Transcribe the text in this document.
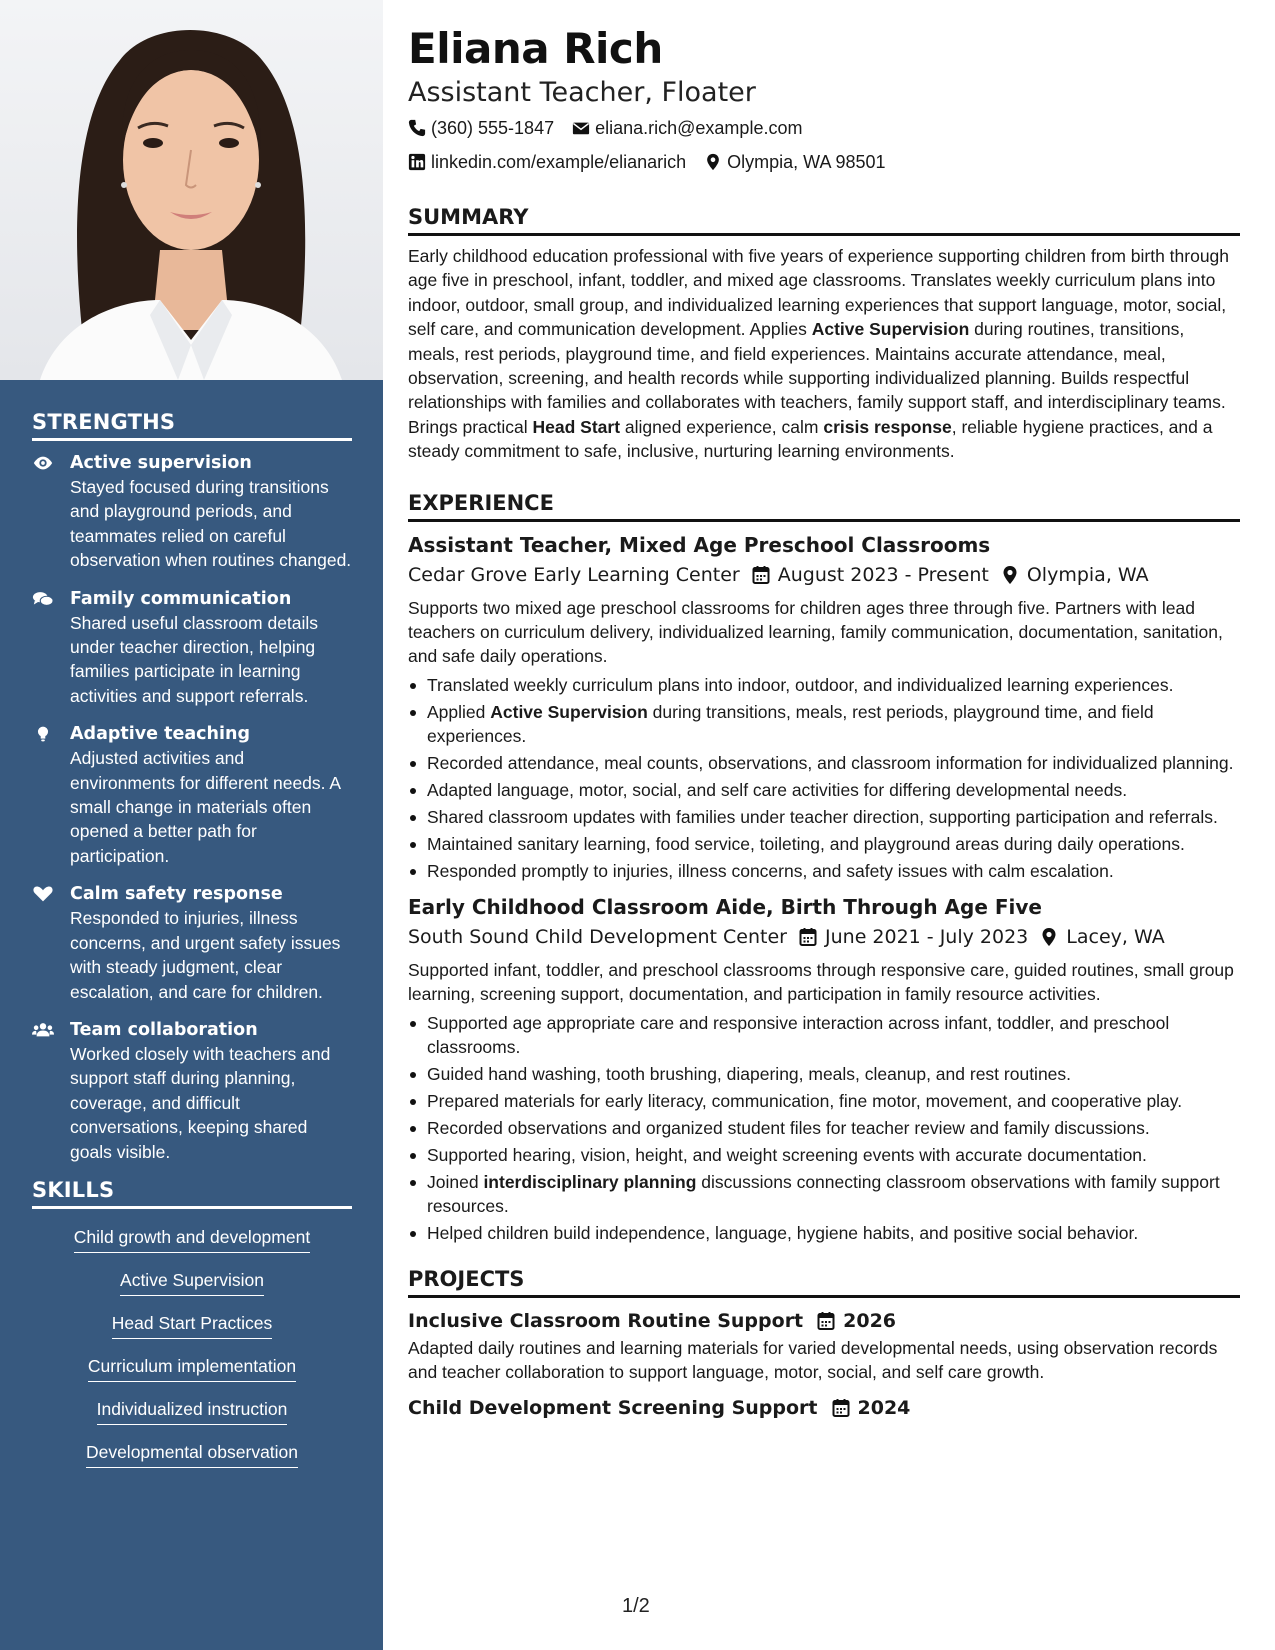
STRENGTHS
Active supervision
Stayed focused during transitions and playground periods, and teammates relied on careful observation when routines changed.
Family communication
Shared useful classroom details under teacher direction, helping families participate in learning activities and support referrals.
Adaptive teaching
Adjusted activities and environments for different needs. A small change in materials often opened a better path for participation.
Calm safety response
Responded to injuries, illness concerns, and urgent safety issues with steady judgment, clear escalation, and care for children.
Team collaboration
Worked closely with teachers and support staff during planning, coverage, and difficult conversations, keeping shared goals visible.
SKILLS
Child growth and development
Active Supervision
Head Start Practices
Curriculum implementation
Individualized instruction
Developmental observation
Eliana Rich
Assistant Teacher, Floater
(360) 555-1847 eliana.rich@example.com
linkedin.com/example/elianarich Olympia, WA 98501
SUMMARY
Early childhood education professional with five years of experience supporting children from birth through age five in preschool, infant, toddler, and mixed age classrooms. Translates weekly curriculum plans into indoor, outdoor, small group, and individualized learning experiences that support language, motor, social, self care, and communication development. Applies Active Supervision during routines, transitions, meals, rest periods, playground time, and field experiences. Maintains accurate attendance, meal, observation, screening, and health records while supporting individualized planning. Builds respectful relationships with families and collaborates with teachers, family support staff, and interdisciplinary teams. Brings practical Head Start aligned experience, calm crisis response, reliable hygiene practices, and a steady commitment to safe, inclusive, nurturing learning environments.
EXPERIENCE
Assistant Teacher, Mixed Age Preschool Classrooms
Cedar Grove Early Learning Center August 2023 - Present Olympia, WA
Supports two mixed age preschool classrooms for children ages three through five. Partners with lead teachers on curriculum delivery, individualized learning, family communication, documentation, sanitation, and safe daily operations.
Translated weekly curriculum plans into indoor, outdoor, and individualized learning experiences.
Applied Active Supervision during transitions, meals, rest periods, playground time, and field experiences.
Recorded attendance, meal counts, observations, and classroom information for individualized planning.
Adapted language, motor, social, and self care activities for differing developmental needs.
Shared classroom updates with families under teacher direction, supporting participation and referrals.
Maintained sanitary learning, food service, toileting, and playground areas during daily operations.
Responded promptly to injuries, illness concerns, and safety issues with calm escalation.
Early Childhood Classroom Aide, Birth Through Age Five
South Sound Child Development Center June 2021 - July 2023 Lacey, WA
Supported infant, toddler, and preschool classrooms through responsive care, guided routines, small group learning, screening support, documentation, and participation in family resource activities.
Supported age appropriate care and responsive interaction across infant, toddler, and preschool classrooms.
Guided hand washing, tooth brushing, diapering, meals, cleanup, and rest routines.
Prepared materials for early literacy, communication, fine motor, movement, and cooperative play.
Recorded observations and organized student files for teacher review and family discussions.
Supported hearing, vision, height, and weight screening events with accurate documentation.
Joined interdisciplinary planning discussions connecting classroom observations with family support resources.
Helped children build independence, language, hygiene habits, and positive social behavior.
PROJECTS
Inclusive Classroom Routine Support 2026
Adapted daily routines and learning materials for varied developmental needs, using observation records and teacher collaboration to support language, motor, social, and self care growth.
Child Development Screening Support 2024
1/2
